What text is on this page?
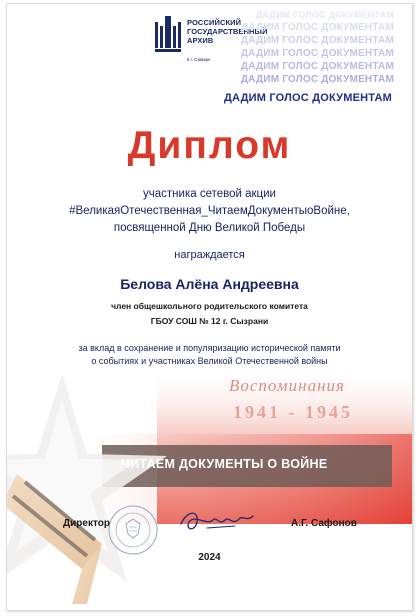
РОССИЙСКИЙ
ГОСУДАРСТВЕННЫЙ
АРХИВ
в г. Самаре
ДАДИМ ГОЛОС ДОКУМЕНТАМ
ДАДИМ ГОЛОС ДОКУМЕНТАМ
ДАДИМ ГОЛОС ДОКУМЕНТАМ
ДАДИМ ГОЛОС ДОКУМЕНТАМ
ДАДИМ ГОЛОС ДОКУМЕНТАМ
ДАДИМ ГОЛОС ДОКУМЕНТАМ
ДАДИМ ГОЛОС ДОКУМЕНТАМ
Диплом
участника сетевой акции
#ВеликаяОтечественная_ЧитаемДокументыоВойне,
посвященной Дню Великой Победы
награждается
Белова Алёна Андреевна
член общешкольного родительского комитета
ГБОУ СОШ № 12 г. Сызрани
за вклад в сохранение и популяризацию исторической памяти
о событиях и участниках Великой Отечественной войны
Воспоминания
1941 - 1945
ЧИТАЕМ ДОКУМЕНТЫ О ВОЙНЕ
Директор	А.Г. Сафонов
2024
